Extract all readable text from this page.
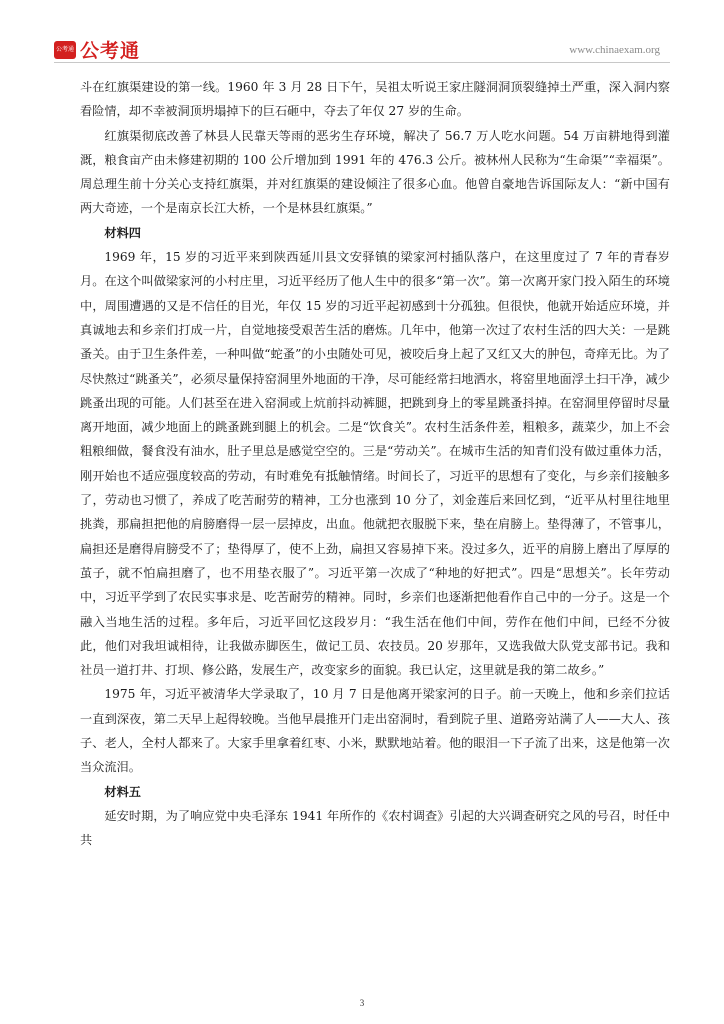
公考通 公考通	www.chinaexam.org

斗在红旗渠建设的第一线。1960 年 3 月 28 日下午，吴祖太听说王家庄隧洞洞顶裂缝掉土严重，深入洞内察看险情，却不幸被洞顶坍塌掉下的巨石砸中，夺去了年仅 27 岁的生命。

红旗渠彻底改善了林县人民靠天等雨的恶劣生存环境，解决了 56.7 万人吃水问题。54 万亩耕地得到灌溉，粮食亩产由未修建初期的 100 公斤增加到 1991 年的 476.3 公斤。被林州人民称为“生命渠”“幸福渠”。周总理生前十分关心支持红旗渠，并对红旗渠的建设倾注了很多心血。他曾自豪地告诉国际友人：“新中国有两大奇迹，一个是南京长江大桥，一个是林县红旗渠。”

材料四

1969 年，15 岁的习近平来到陕西延川县文安驿镇的梁家河村插队落户，在这里度过了 7 年的青春岁月。在这个叫做梁家河的小村庄里，习近平经历了他人生中的很多“第一次”。第一次离开家门投入陌生的环境中，周围遭遇的又是不信任的目光，年仅 15 岁的习近平起初感到十分孤独。但很快，他就开始适应环境，并真诚地去和乡亲们打成一片，自觉地接受艰苦生活的磨炼。几年中，他第一次过了农村生活的四大关：一是跳蚤关。由于卫生条件差，一种叫做“蛇蚤”的小虫随处可见，被咬后身上起了又红又大的肿包，奇痒无比。为了尽快熬过“跳蚤关”，必须尽量保持窑洞里外地面的干净，尽可能经常扫地洒水，将窑里地面浮土扫干净，减少跳蚤出现的可能。人们甚至在进入窑洞或上炕前抖动裤腿，把跳到身上的零星跳蚤抖掉。在窑洞里停留时尽量离开地面，减少地面上的跳蚤跳到腿上的机会。二是“饮食关”。农村生活条件差，粗粮多，蔬菜少，加上不会粗粮细做，餐食没有油水，肚子里总是感觉空空的。三是“劳动关”。在城市生活的知青们没有做过重体力活，刚开始也不适应强度较高的劳动，有时难免有抵触情绪。时间长了，习近平的思想有了变化，与乡亲们接触多了，劳动也习惯了，养成了吃苦耐劳的精神，工分也涨到 10 分了，刘金莲后来回忆到，“近平从村里往地里挑粪，那扁担把他的肩膀磨得一层一层掉皮，出血。他就把衣服脱下来，垫在肩膀上。垫得薄了，不管事儿，扁担还是磨得肩膀受不了；垫得厚了，使不上劲，扁担又容易掉下来。没过多久，近平的肩膀上磨出了厚厚的茧子，就不怕扁担磨了，也不用垫衣服了”。习近平第一次成了“种地的好把式”。四是“思想关”。长年劳动中，习近平学到了农民实事求是、吃苦耐劳的精神。同时，乡亲们也逐渐把他看作自己中的一分子。这是一个融入当地生活的过程。多年后，习近平回忆这段岁月：“我生活在他们中间，劳作在他们中间，已经不分彼此，他们对我坦诚相待，让我做赤脚医生，做记工员、农技员。20 岁那年，又选我做大队党支部书记。我和社员一道打井、打坝、修公路，发展生产，改变家乡的面貌。我已认定，这里就是我的第二故乡。”

1975 年，习近平被清华大学录取了，10 月 7 日是他离开梁家河的日子。前一天晚上，他和乡亲们拉话一直到深夜，第二天早上起得较晚。当他早晨推开门走出窑洞时，看到院子里、道路旁站满了人——大人、孩子、老人，全村人都来了。大家手里拿着红枣、小米，默默地站着。他的眼泪一下子流了出来，这是他第一次当众流泪。

材料五

延安时期，为了响应党中央毛泽东 1941 年所作的《农村调查》引起的大兴调查研究之风的号召，时任中共

3
